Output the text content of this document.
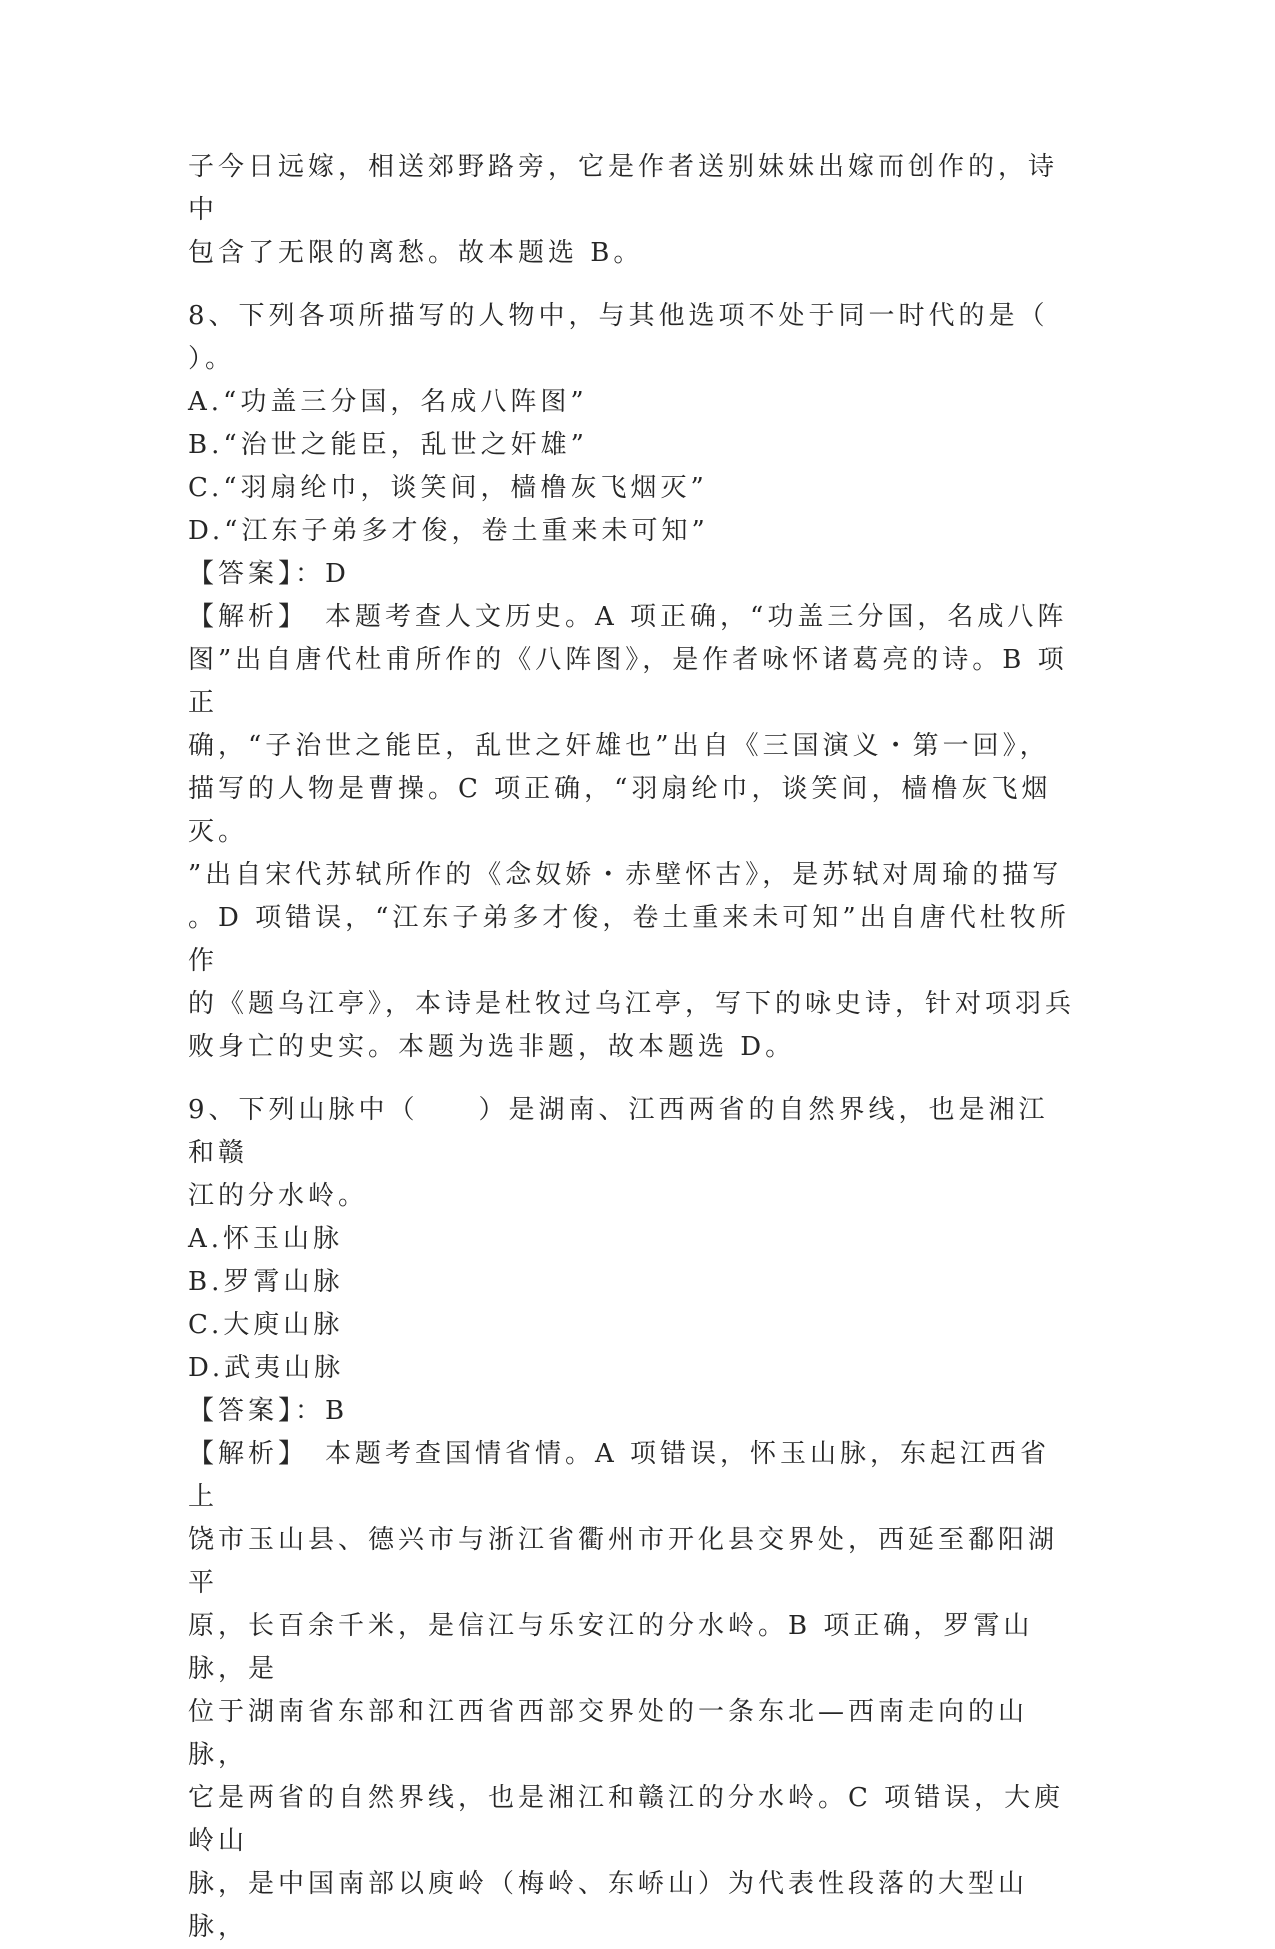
子今日远嫁，相送郊野路旁，它是作者送别妹妹出嫁而创作的，诗中

包含了无限的离愁。故本题选 B。

8、下列各项所描写的人物中，与其他选项不处于同一时代的是（

）。

A.“功盖三分国，名成八阵图”

B.“治世之能臣，乱世之奸雄”

C.“羽扇纶巾，谈笑间，樯橹灰飞烟灭”

D.“江东子弟多才俊，卷土重来未可知”

【答案】：D

【解析】　本题考查人文历史。A 项正确，“功盖三分国，名成八阵

图”出自唐代杜甫所作的《八阵图》，是作者咏怀诸葛亮的诗。B 项正

确，“子治世之能臣，乱世之奸雄也”出自《三国演义・第一回》，

描写的人物是曹操。C 项正确，“羽扇纶巾，谈笑间，樯橹灰飞烟灭。

”出自宋代苏轼所作的《念奴娇・赤壁怀古》，是苏轼对周瑜的描写

。D 项错误，“江东子弟多才俊，卷土重来未可知”出自唐代杜牧所作

的《题乌江亭》，本诗是杜牧过乌江亭，写下的咏史诗，针对项羽兵

败身亡的史实。本题为选非题，故本题选 D。

9、下列山脉中（　　）是湖南、江西两省的自然界线，也是湘江和赣

江的分水岭。

A.怀玉山脉

B.罗霄山脉

C.大庾山脉

D.武夷山脉

【答案】：B

【解析】　本题考查国情省情。A 项错误，怀玉山脉，东起江西省上

饶市玉山县、德兴市与浙江省衢州市开化县交界处，西延至鄱阳湖平

原，长百余千米，是信江与乐安江的分水岭。B 项正确，罗霄山脉，是

位于湖南省东部和江西省西部交界处的一条东北—西南走向的山脉，

它是两省的自然界线，也是湘江和赣江的分水岭。C 项错误，大庾岭山

脉，是中国南部以庾岭（梅岭、东峤山）为代表性段落的大型山脉，
